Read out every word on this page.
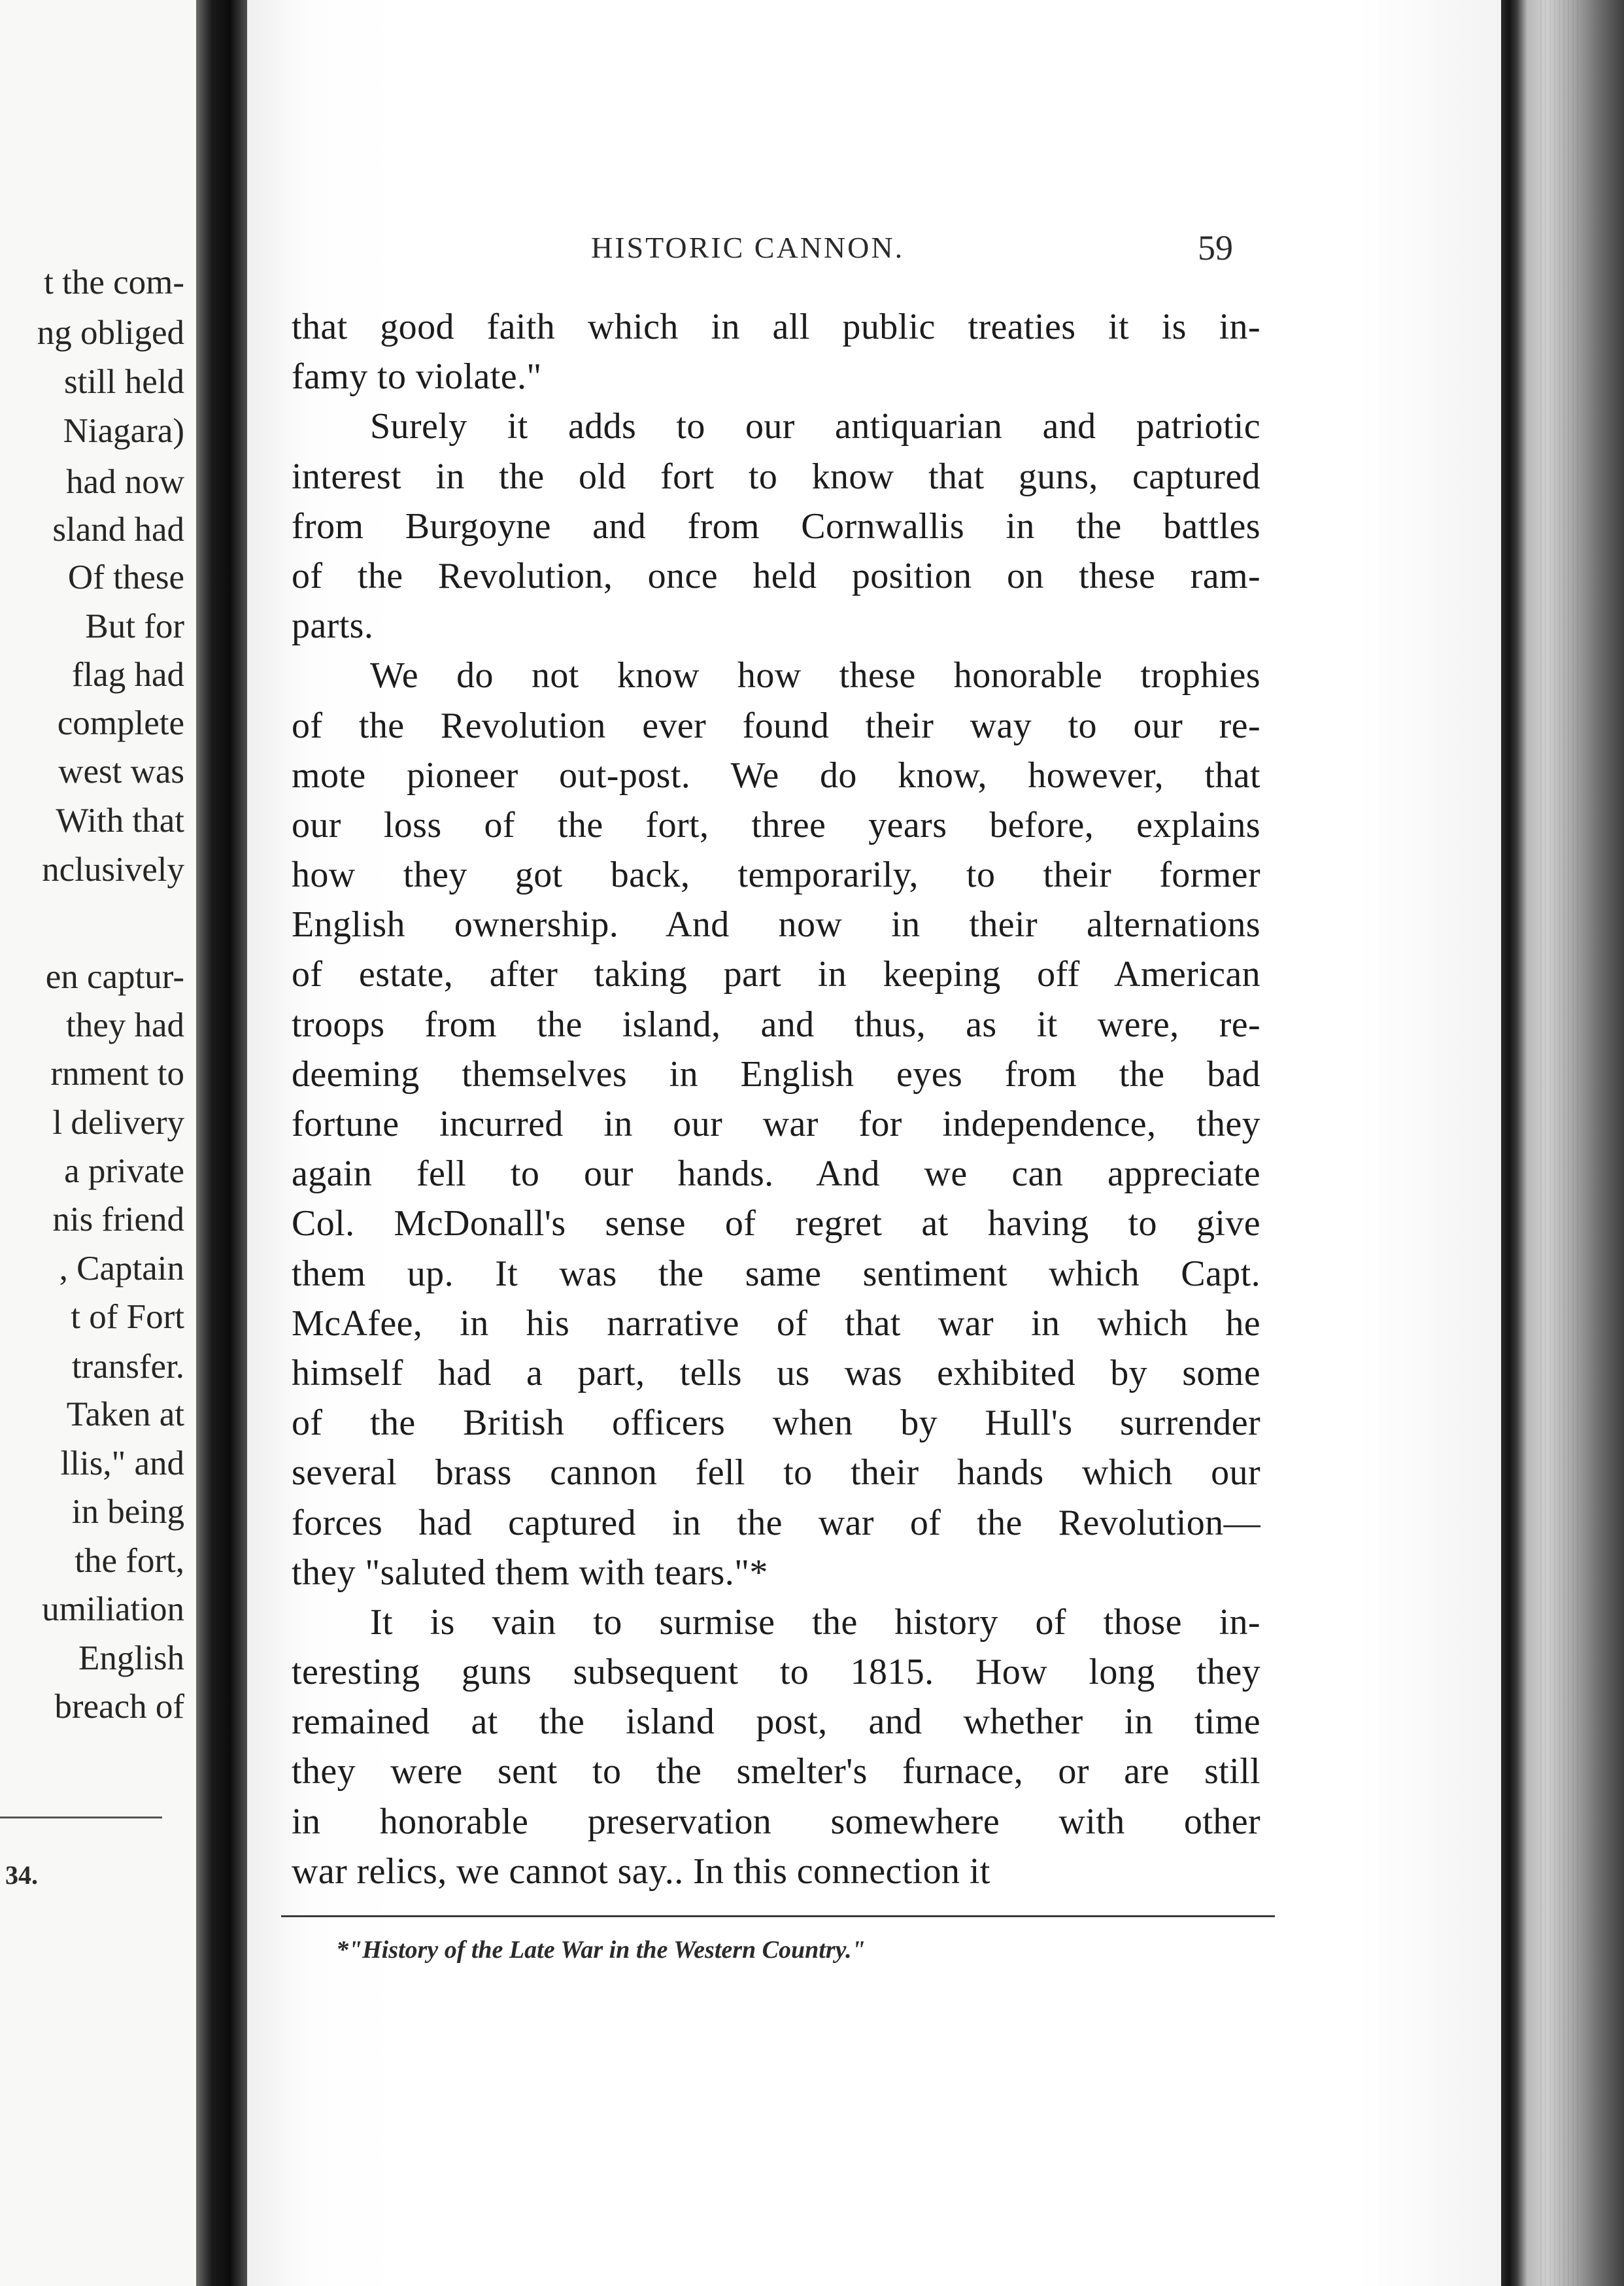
t the com-
ng obliged
still held
Niagara)
had now
sland had
Of these
But for
flag had
complete
west was
With that
nclusively
en captur-
they had
rnment to
l delivery
a private
nis friend
, Captain
t of Fort
transfer.
Taken at
llis," and
in being
the fort,
umiliation
English
breach of
34.
HISTORIC CANNON.	59
that good faith which in all public treaties it is in-
famy to violate."
Surely it adds to our antiquarian and patriotic
interest in the old fort to know that guns, captured
from Burgoyne and from Cornwallis in the battles
of the Revolution, once held position on these ram-
parts.
We do not know how these honorable trophies
of the Revolution ever found their way to our re-
mote pioneer out-post. We do know, however, that
our loss of the fort, three years before, explains
how they got back, temporarily, to their former
English ownership. And now in their alternations
of estate, after taking part in keeping off American
troops from the island, and thus, as it were, re-
deeming themselves in English eyes from the bad
fortune incurred in our war for independence, they
again fell to our hands. And we can appreciate
Col. McDonall's sense of regret at having to give
them up. It was the same sentiment which Capt.
McAfee, in his narrative of that war in which he
himself had a part, tells us was exhibited by some
of the British officers when by Hull's surrender
several brass cannon fell to their hands which our
forces had captured in the war of the Revolution—
they "saluted them with tears."*
It is vain to surmise the history of those in-
teresting guns subsequent to 1815. How long they
remained at the island post, and whether in time
they were sent to the smelter's furnace, or are still
in honorable preservation somewhere with other
war relics, we cannot say.. In this connection it
*"History of the Late War in the Western Country."
